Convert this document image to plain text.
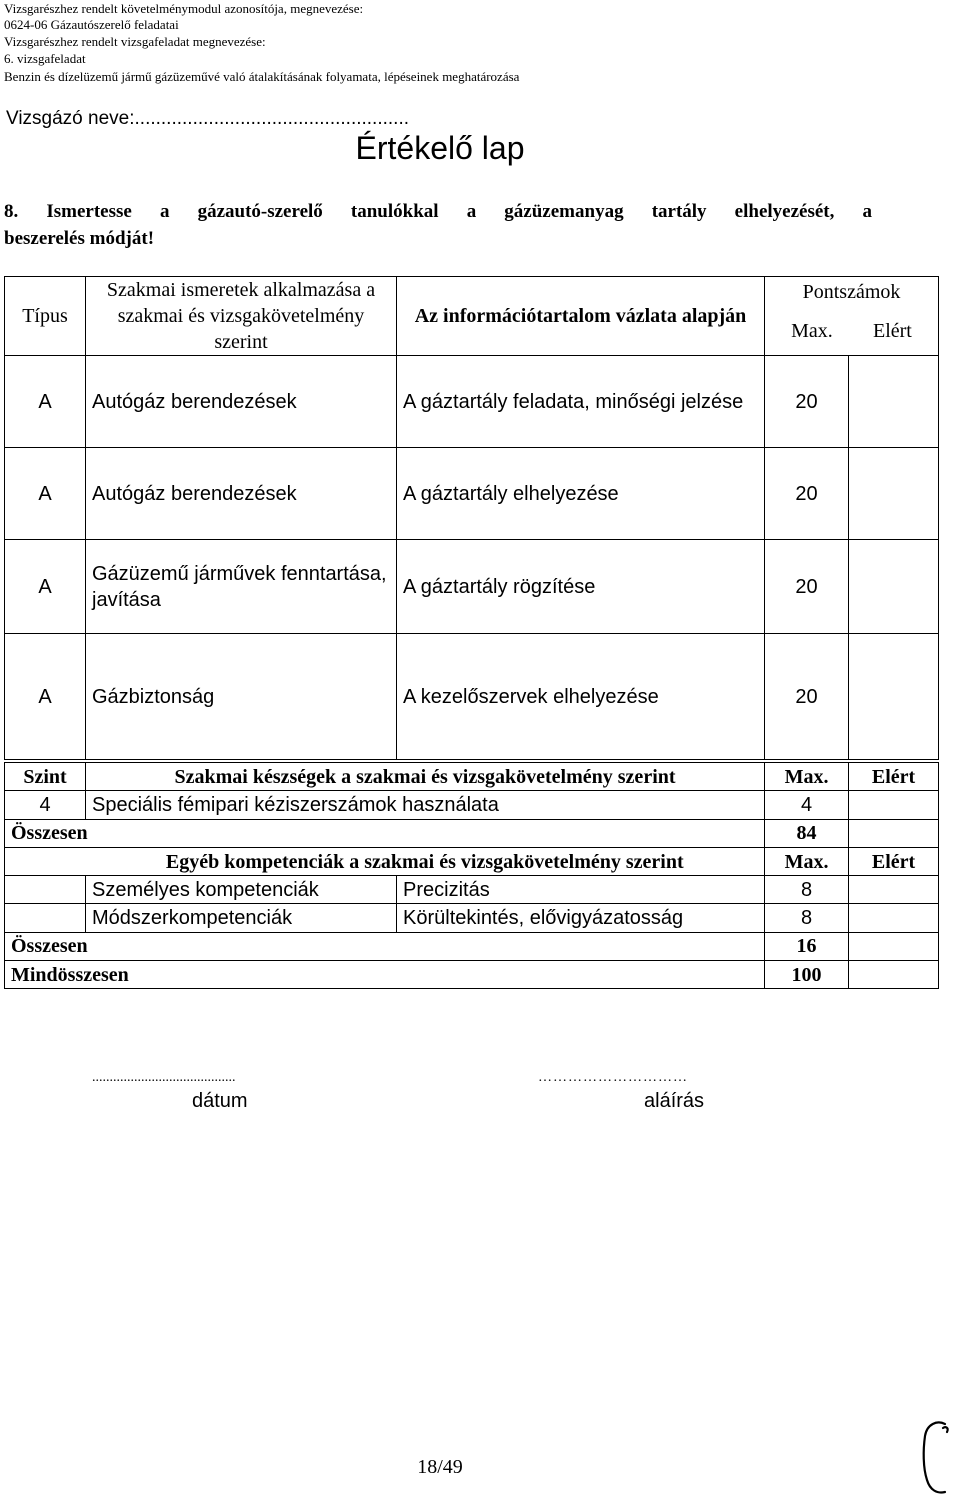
Vizsgarészhez rendelt követelménymodul azonosítója, megnevezése:
0624-06 Gázautószerelő feladatai
Vizsgarészhez rendelt vizsgafeladat megnevezése:
6. vizsgafeladat
Benzin és dízelüzemű jármű gázüzeművé való átalakításának folyamata, lépéseinek meghatározása
Vizsgázó neve:....................................................
Értékelő lap
8. Ismertesse a gázautó-szerelő tanulókkal a gázüzemanyag tartály elhelyezését, a
beszerelés módját!
Típus	Szakmai ismeretek alkalmazása a szakmai és vizsgakövetelmény szerint	Az információtartalom vázlata alapján	Pontszámok	

			Max. Elért	

A	Autógáz berendezések	A gáztartály feladata, minőségi jelzése	20	
A	Autógáz berendezések	A gáztartály elhelyezése	20	
A	Gázüzemű járművek fenntartása, javítása	A gáztartály rögzítése	20	
A	Gázbiztonság	A kezelőszervek elhelyezése	20	
Szint	Szakmai készségek a szakmai és vizsgakövetelmény szerint		Max.	Elért
4	Speciális fémipari kéziszerszámok használata		4	
Összesen			84	
	Egyéb kompetenciák a szakmai és vizsgakövetelmény szerint		Max.	Elért
	Személyes kompetenciák	Precizitás	8	
	Módszerkompetenciák	Körültekintés, elővigyázatosság	8	
Összesen			16	
Mindösszesen			100	
.........................................	…………………………
dátum	aláírás
18/49
